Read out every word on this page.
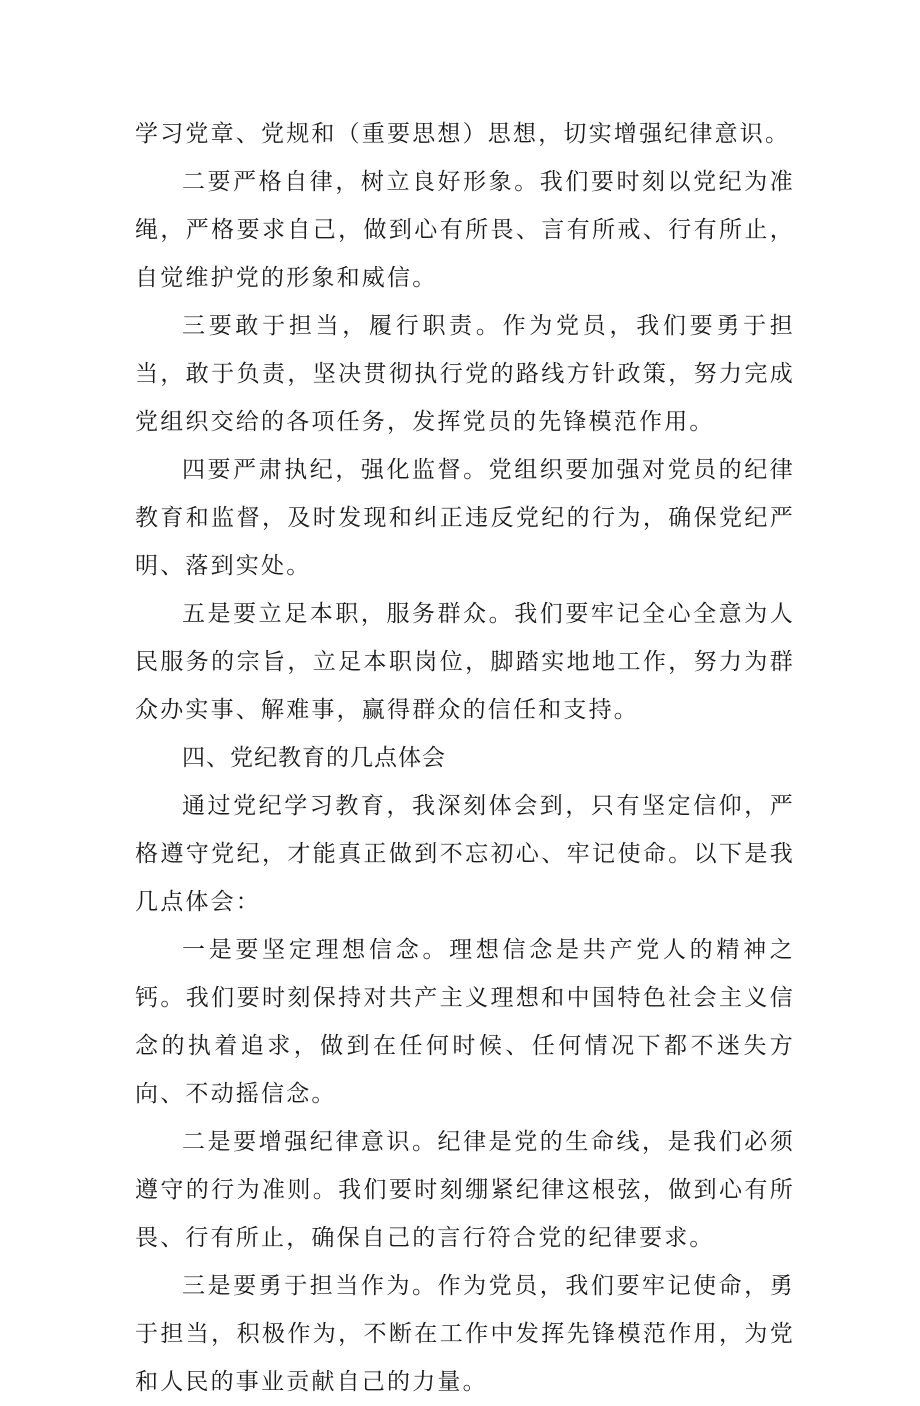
学习党章、党规和（重要思想）思想，切实增强纪律意识。

二要严格自律，树立良好形象。我们要时刻以党纪为准绳，严格要求自己，做到心有所畏、言有所戒、行有所止，自觉维护党的形象和威信。

三要敢于担当，履行职责。作为党员，我们要勇于担当，敢于负责，坚决贯彻执行党的路线方针政策，努力完成党组织交给的各项任务，发挥党员的先锋模范作用。

四要严肃执纪，强化监督。党组织要加强对党员的纪律教育和监督，及时发现和纠正违反党纪的行为，确保党纪严明、落到实处。

五是要立足本职，服务群众。我们要牢记全心全意为人民服务的宗旨，立足本职岗位，脚踏实地地工作，努力为群众办实事、解难事，赢得群众的信任和支持。

四、党纪教育的几点体会

通过党纪学习教育，我深刻体会到，只有坚定信仰，严格遵守党纪，才能真正做到不忘初心、牢记使命。以下是我几点体会：

一是要坚定理想信念。理想信念是共产党人的精神之钙。我们要时刻保持对共产主义理想和中国特色社会主义信念的执着追求，做到在任何时候、任何情况下都不迷失方向、不动摇信念。

二是要增强纪律意识。纪律是党的生命线，是我们必须遵守的行为准则。我们要时刻绷紧纪律这根弦，做到心有所畏、行有所止，确保自己的言行符合党的纪律要求。

三是要勇于担当作为。作为党员，我们要牢记使命，勇于担当，积极作为，不断在工作中发挥先锋模范作用，为党和人民的事业贡献自己的力量。
